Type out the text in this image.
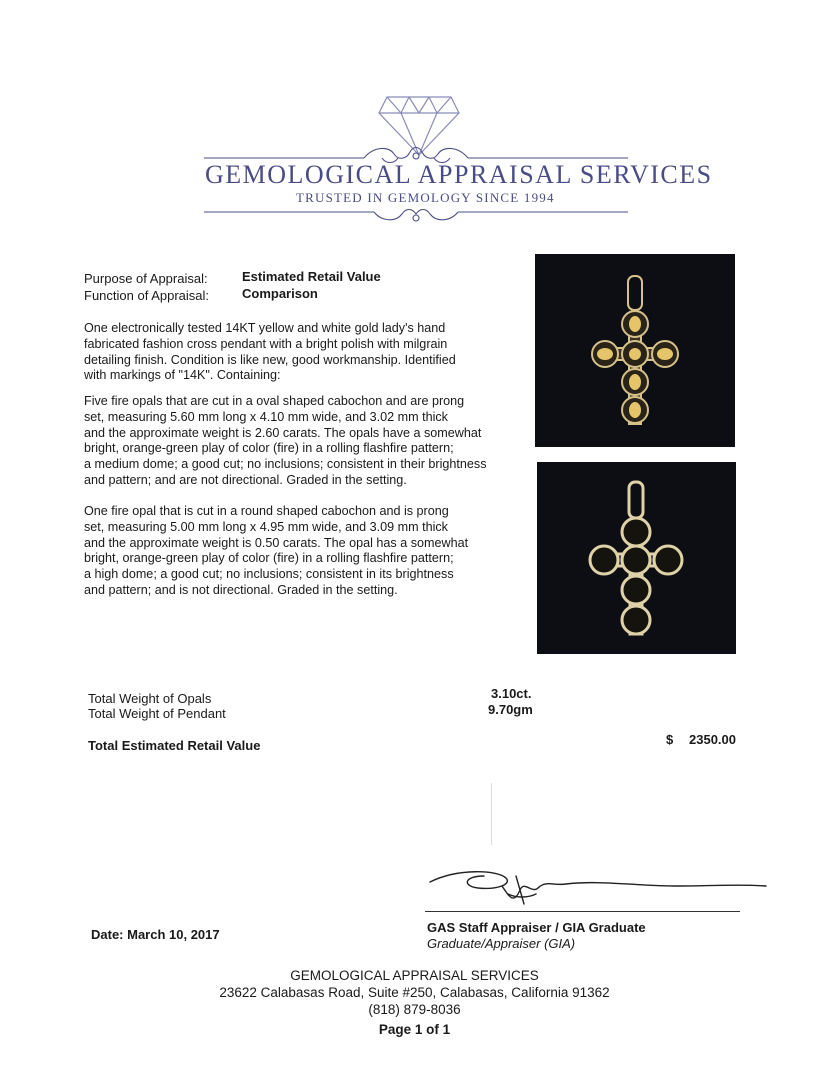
GEMOLOGICAL APPRAISAL SERVICES
TRUSTED IN GEMOLOGY SINCE 1994
Purpose of Appraisal:	Estimated Retail Value
Function of Appraisal:	Comparison
One electronically tested 14KT yellow and white gold lady's hand
fabricated fashion cross pendant with a bright polish with milgrain
detailing finish. Condition is like new, good workmanship. Identified
with markings of "14K". Containing:
Five fire opals that are cut in a oval shaped cabochon and are prong
set, measuring 5.60 mm long x 4.10 mm wide, and 3.02 mm thick
and the approximate weight is 2.60 carats. The opals have a somewhat
bright, orange-green play of color (fire) in a rolling flashfire pattern;
a medium dome; a good cut; no inclusions; consistent in their brightness
and pattern; and are not directional. Graded in the setting.
One fire opal that is cut in a round shaped cabochon and is prong
set, measuring 5.00 mm long x 4.95 mm wide, and 3.09 mm thick
and the approximate weight is 0.50 carats. The opal has a somewhat
bright, orange-green play of color (fire) in a rolling flashfire pattern;
a high dome; a good cut; no inclusions; consistent in its brightness
and pattern; and is not directional. Graded in the setting.
Total Weight of Opals	3.10ct.
Total Weight of Pendant	9.70gm
Total Estimated Retail Value	$ 2350.00
Date: March 10, 2017	GAS Staff Appraiser / GIA Graduate
Graduate/Appraiser (GIA)
GEMOLOGICAL APPRAISAL SERVICES
23622 Calabasas Road, Suite #250, Calabasas, California 91362
(818) 879-8036
Page 1 of 1
